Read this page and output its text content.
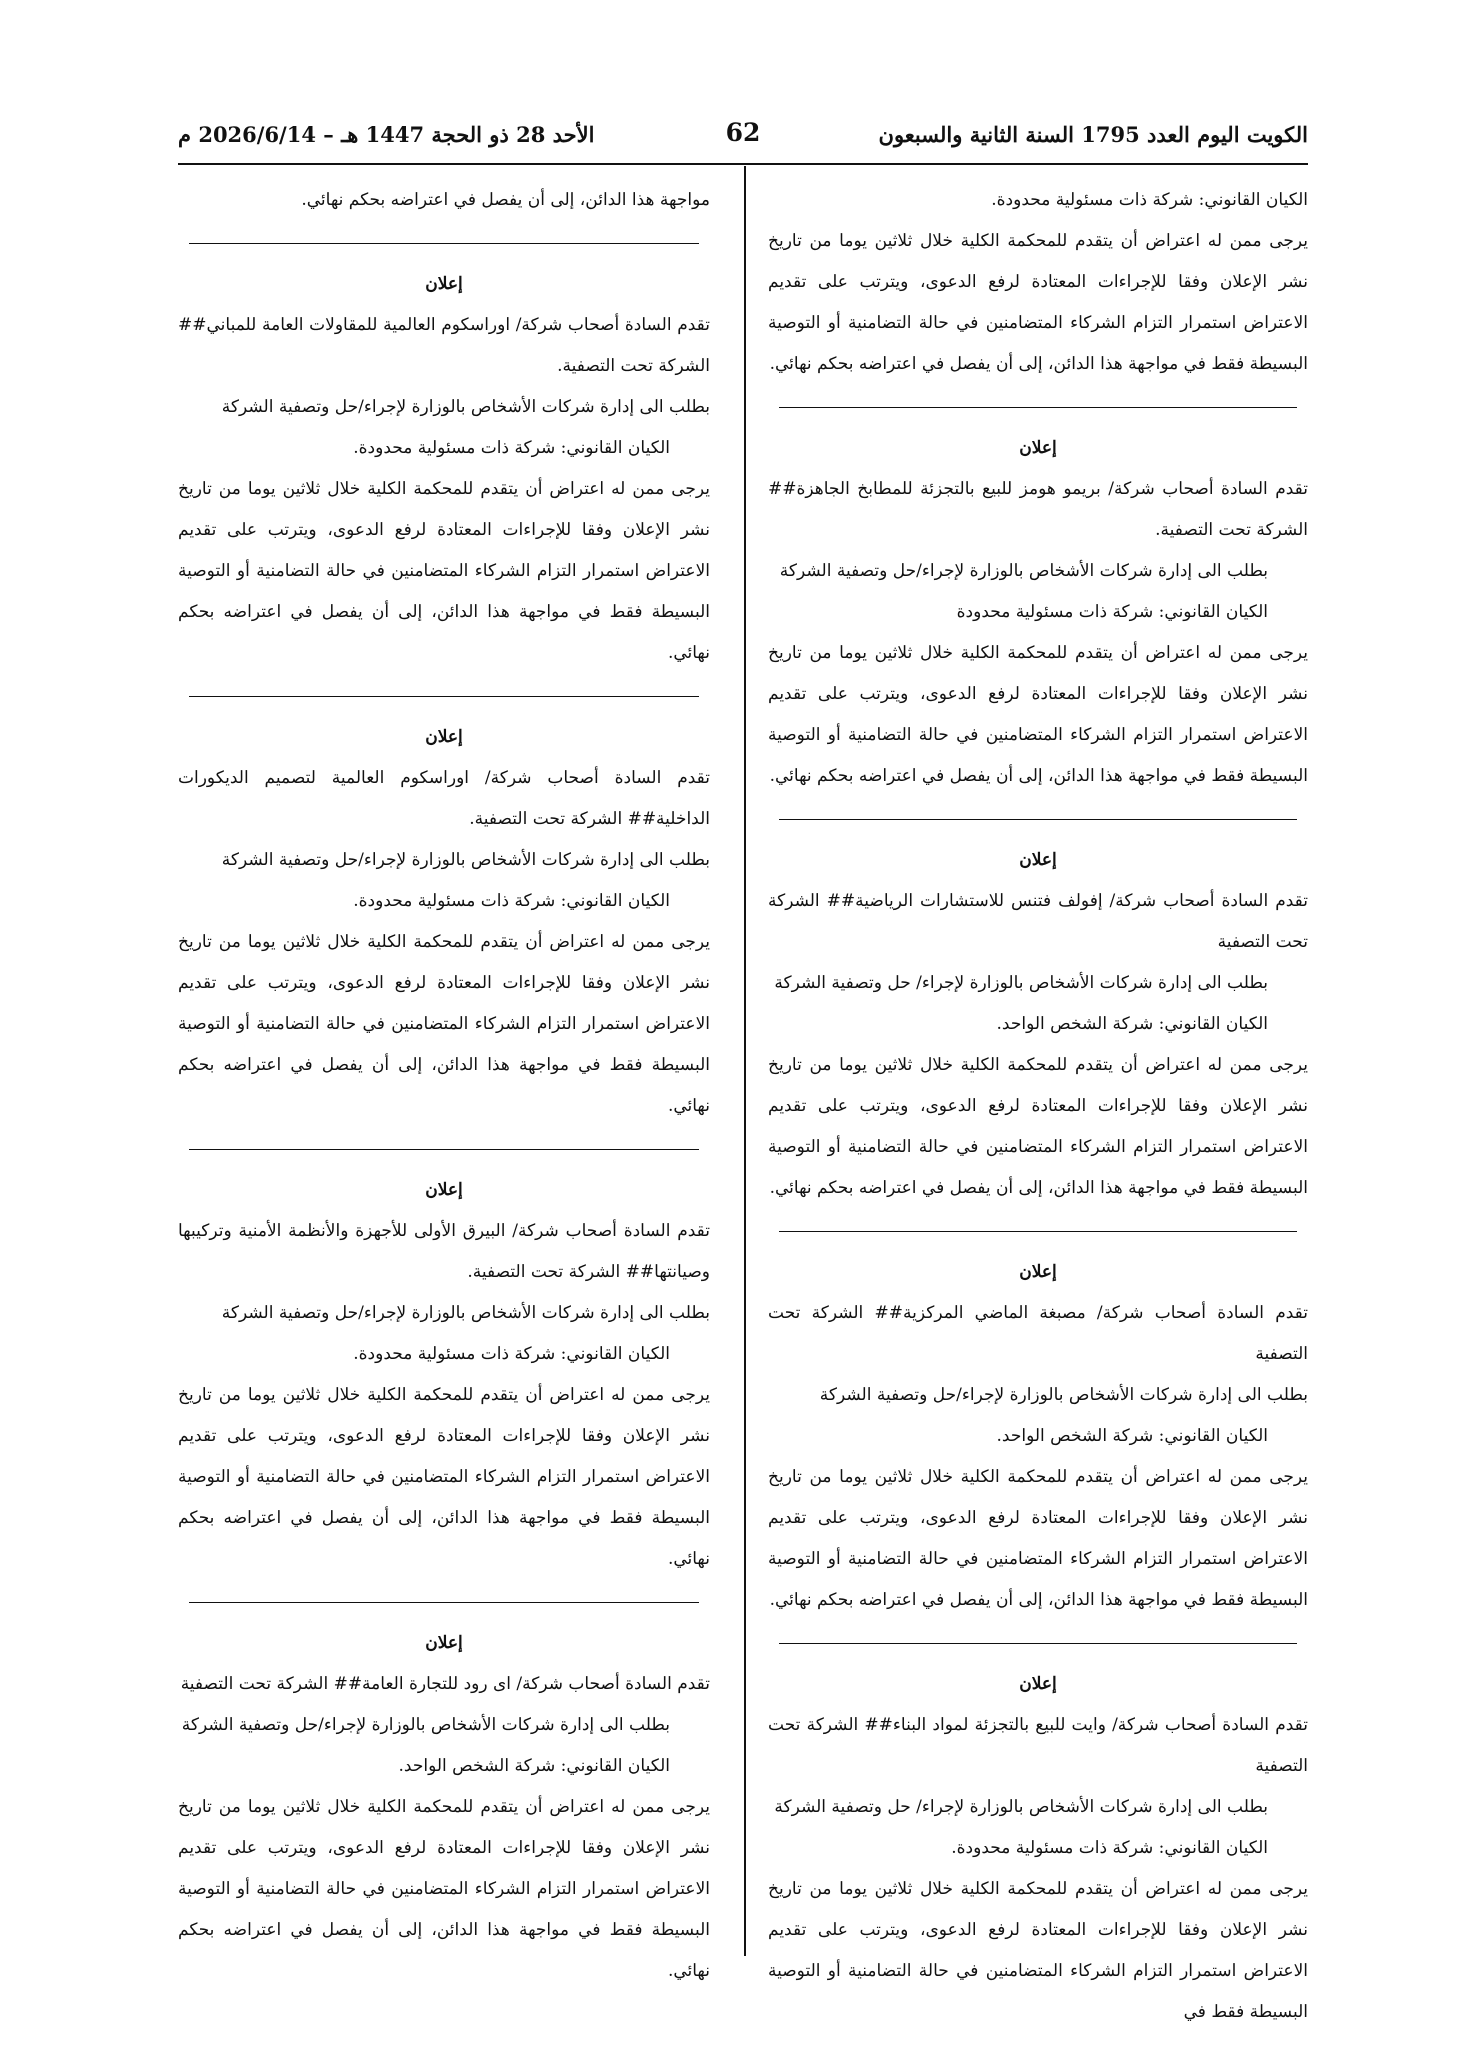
الكويت اليوم العدد 1795 السنة الثانية والسبعون
62
الأحد 28 ذو الحجة 1447 هـ – 2026/6/14 م

الكيان القانوني: شركة ذات مسئولية محدودة.

يرجى ممن له اعتراض أن يتقدم للمحكمة الكلية خلال ثلاثين يوما من تاريخ نشر الإعلان وفقا للإجراءات المعتادة لرفع الدعوى، ويترتب على تقديم الاعتراض استمرار التزام الشركاء المتضامنين في حالة التضامنية أو التوصية البسيطة فقط في مواجهة هذا الدائن، إلى أن يفصل في اعتراضه بحكم نهائي.

إعلان

تقدم السادة أصحاب شركة/ بريمو هومز للبيع بالتجزئة للمطابخ الجاهزة## الشركة تحت التصفية.

بطلب الى إدارة شركات الأشخاص بالوزارة لإجراء/حل وتصفية الشركة

الكيان القانوني: شركة ذات مسئولية محدودة

يرجى ممن له اعتراض أن يتقدم للمحكمة الكلية خلال ثلاثين يوما من تاريخ نشر الإعلان وفقا للإجراءات المعتادة لرفع الدعوى، ويترتب على تقديم الاعتراض استمرار التزام الشركاء المتضامنين في حالة التضامنية أو التوصية البسيطة فقط في مواجهة هذا الدائن، إلى أن يفصل في اعتراضه بحكم نهائي.

إعلان

تقدم السادة أصحاب شركة/ إفولف فتنس للاستشارات الرياضية## الشركة تحت التصفية

بطلب الى إدارة شركات الأشخاص بالوزارة لإجراء/ حل وتصفية الشركة

الكيان القانوني: شركة الشخص الواحد.

يرجى ممن له اعتراض أن يتقدم للمحكمة الكلية خلال ثلاثين يوما من تاريخ نشر الإعلان وفقا للإجراءات المعتادة لرفع الدعوى، ويترتب على تقديم الاعتراض استمرار التزام الشركاء المتضامنين في حالة التضامنية أو التوصية البسيطة فقط في مواجهة هذا الدائن، إلى أن يفصل في اعتراضه بحكم نهائي.

إعلان

تقدم السادة أصحاب شركة/ مصبغة الماضي المركزية## الشركة تحت التصفية

بطلب الى إدارة شركات الأشخاص بالوزارة لإجراء/حل وتصفية الشركة

الكيان القانوني: شركة الشخص الواحد.

يرجى ممن له اعتراض أن يتقدم للمحكمة الكلية خلال ثلاثين يوما من تاريخ نشر الإعلان وفقا للإجراءات المعتادة لرفع الدعوى، ويترتب على تقديم الاعتراض استمرار التزام الشركاء المتضامنين في حالة التضامنية أو التوصية البسيطة فقط في مواجهة هذا الدائن، إلى أن يفصل في اعتراضه بحكم نهائي.

إعلان

تقدم السادة أصحاب شركة/ وايت للبيع بالتجزئة لمواد البناء## الشركة تحت التصفية

بطلب الى إدارة شركات الأشخاص بالوزارة لإجراء/ حل وتصفية الشركة

الكيان القانوني: شركة ذات مسئولية محدودة.

يرجى ممن له اعتراض أن يتقدم للمحكمة الكلية خلال ثلاثين يوما من تاريخ نشر الإعلان وفقا للإجراءات المعتادة لرفع الدعوى، ويترتب على تقديم الاعتراض استمرار التزام الشركاء المتضامنين في حالة التضامنية أو التوصية البسيطة فقط في

مواجهة هذا الدائن، إلى أن يفصل في اعتراضه بحكم نهائي.

إعلان

تقدم السادة أصحاب شركة/ اوراسكوم العالمية للمقاولات العامة للمباني## الشركة تحت التصفية.

بطلب الى إدارة شركات الأشخاص بالوزارة لإجراء/حل وتصفية الشركة

الكيان القانوني: شركة ذات مسئولية محدودة.

يرجى ممن له اعتراض أن يتقدم للمحكمة الكلية خلال ثلاثين يوما من تاريخ نشر الإعلان وفقا للإجراءات المعتادة لرفع الدعوى، ويترتب على تقديم الاعتراض استمرار التزام الشركاء المتضامنين في حالة التضامنية أو التوصية البسيطة فقط في مواجهة هذا الدائن، إلى أن يفصل في اعتراضه بحكم نهائي.

إعلان

تقدم السادة أصحاب شركة/ اوراسكوم العالمية لتصميم الديكورات الداخلية## الشركة تحت التصفية.

بطلب الى إدارة شركات الأشخاص بالوزارة لإجراء/حل وتصفية الشركة

الكيان القانوني: شركة ذات مسئولية محدودة.

يرجى ممن له اعتراض أن يتقدم للمحكمة الكلية خلال ثلاثين يوما من تاريخ نشر الإعلان وفقا للإجراءات المعتادة لرفع الدعوى، ويترتب على تقديم الاعتراض استمرار التزام الشركاء المتضامنين في حالة التضامنية أو التوصية البسيطة فقط في مواجهة هذا الدائن، إلى أن يفصل في اعتراضه بحكم نهائي.

إعلان

تقدم السادة أصحاب شركة/ البيرق الأولى للأجهزة والأنظمة الأمنية وتركيبها وصيانتها## الشركة تحت التصفية.

بطلب الى إدارة شركات الأشخاص بالوزارة لإجراء/حل وتصفية الشركة

الكيان القانوني: شركة ذات مسئولية محدودة.

يرجى ممن له اعتراض أن يتقدم للمحكمة الكلية خلال ثلاثين يوما من تاريخ نشر الإعلان وفقا للإجراءات المعتادة لرفع الدعوى، ويترتب على تقديم الاعتراض استمرار التزام الشركاء المتضامنين في حالة التضامنية أو التوصية البسيطة فقط في مواجهة هذا الدائن، إلى أن يفصل في اعتراضه بحكم نهائي.

إعلان

تقدم السادة أصحاب شركة/ اى رود للتجارة العامة## الشركة تحت التصفية

بطلب الى إدارة شركات الأشخاص بالوزارة لإجراء/حل وتصفية الشركة

الكيان القانوني: شركة الشخص الواحد.

يرجى ممن له اعتراض أن يتقدم للمحكمة الكلية خلال ثلاثين يوما من تاريخ نشر الإعلان وفقا للإجراءات المعتادة لرفع الدعوى، ويترتب على تقديم الاعتراض استمرار التزام الشركاء المتضامنين في حالة التضامنية أو التوصية البسيطة فقط في مواجهة هذا الدائن، إلى أن يفصل في اعتراضه بحكم نهائي.
